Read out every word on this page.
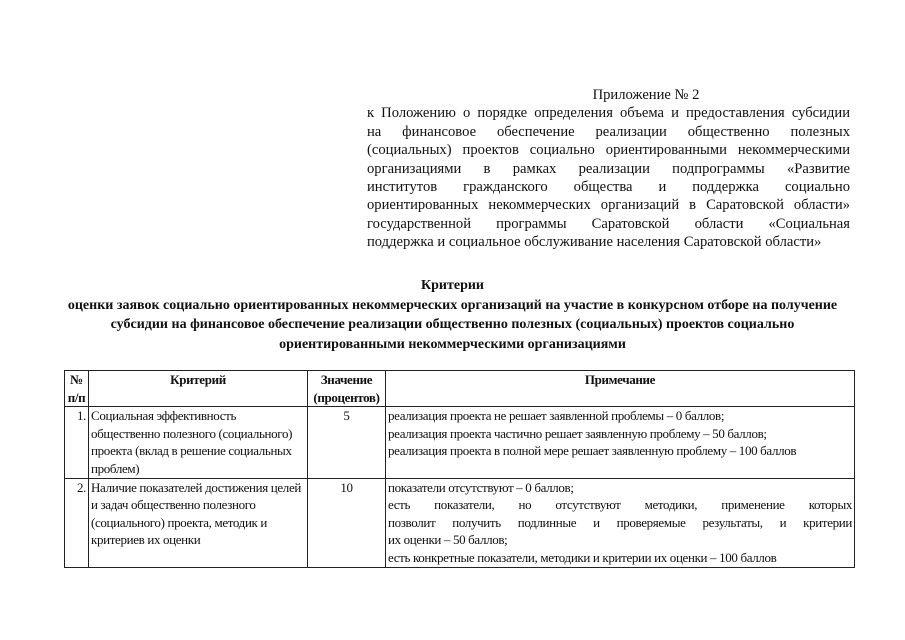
Приложение № 2
к Положению о порядке определения объема и предоставления субсидии
на финансовое обеспечение реализации общественно полезных
(социальных) проектов социально ориентированными некоммерческими
организациями в рамках реализации подпрограммы «Развитие
институтов гражданского общества и поддержка социально
ориентированных некоммерческих организаций в Саратовской области»
государственной программы Саратовской области «Социальная
поддержка и социальное обслуживание населения Саратовской области»
Критерии
оценки заявок социально ориентированных некоммерческих организаций на участие в конкурсном отборе на получение
субсидии на финансовое обеспечение реализации общественно полезных (социальных) проектов социально
ориентированными некоммерческими организациями
№ п/п	Критерий	Значение (процентов)	Примечание
1.	Социальная эффективность общественно полезного (социального) проекта (вклад в решение социальных проблем)	5	реализация проекта не решает заявленной проблемы – 0 баллов;
реализация проекта частично решает заявленную проблему – 50 баллов;
реализация проекта в полной мере решает заявленную проблему – 100 баллов

2.	Наличие показателей достижения целей и задач общественно полезного (социального) проекта, методик и критериев их оценки	10	показатели отсутствуют – 0 баллов;
есть показатели, но отсутствуют методики, применение которых
позволит получить подлинные и проверяемые результаты, и критерии
их оценки – 50 баллов;
есть конкретные показатели, методики и критерии их оценки – 100 баллов
